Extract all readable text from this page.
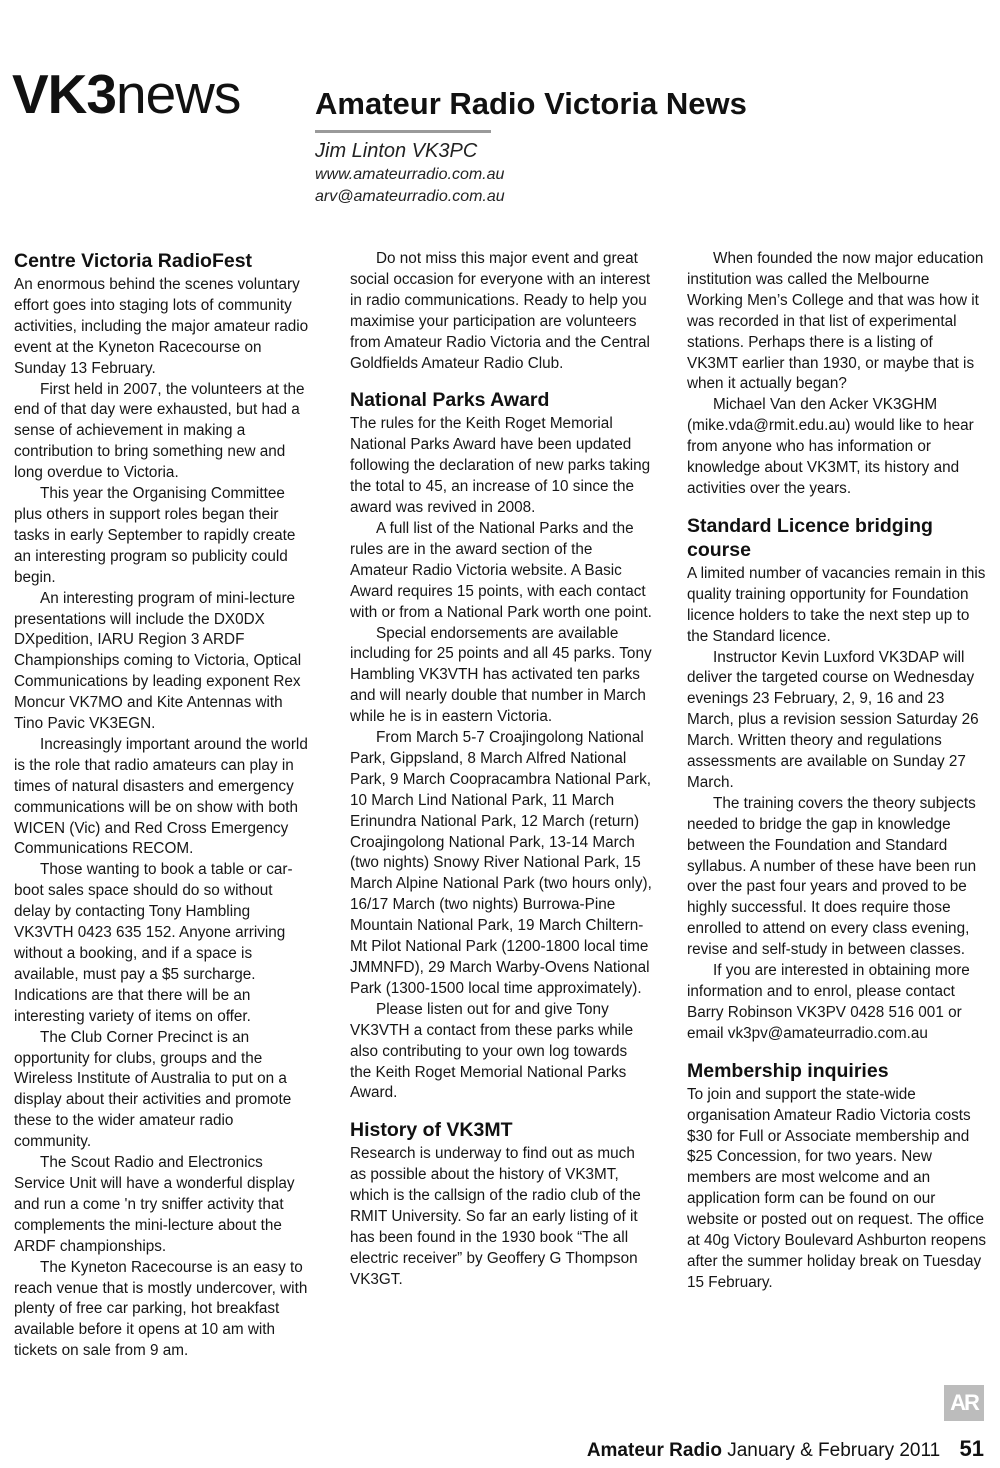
VK3news Amateur Radio Victoria News
Jim Linton VK3PC
www.amateurradio.com.au
arv@amateurradio.com.au
Centre Victoria RadioFest

An enormous behind the scenes voluntary effort goes into staging lots of community activities, including the major amateur radio event at the Kyneton Racecourse on Sunday 13 February.

First held in 2007, the volunteers at the end of that day were exhausted, but had a sense of achievement in making a contribution to bring something new and long overdue to Victoria.

This year the Organising Committee plus others in support roles began their tasks in early September to rapidly create an interesting program so publicity could begin.

An interesting program of mini-lecture presentations will include the DX0DX DXpedition, IARU Region 3 ARDF Championships coming to Victoria, Optical Communications by leading exponent Rex Moncur VK7MO and Kite Antennas with Tino Pavic VK3EGN.

Increasingly important around the world is the role that radio amateurs can play in times of natural disasters and emergency communications will be on show with both WICEN (Vic) and Red Cross Emergency Communications RECOM.

Those wanting to book a table or car-boot sales space should do so without delay by contacting Tony Hambling VK3VTH 0423 635 152. Anyone arriving without a booking, and if a space is available, must pay a $5 surcharge. Indications are that there will be an interesting variety of items on offer.

The Club Corner Precinct is an opportunity for clubs, groups and the Wireless Institute of Australia to put on a display about their activities and promote these to the wider amateur radio community.

The Scout Radio and Electronics Service Unit will have a wonderful display and run a come 'n try sniffer activity that complements the mini-lecture about the ARDF championships.

The Kyneton Racecourse is an easy to reach venue that is mostly undercover, with plenty of free car parking, hot breakfast available before it opens at 10 am with tickets on sale from 9 am.

Do not miss this major event and great social occasion for everyone with an interest in radio communications. Ready to help you maximise your participation are volunteers from Amateur Radio Victoria and the Central Goldfields Amateur Radio Club.

National Parks Award

The rules for the Keith Roget Memorial National Parks Award have been updated following the declaration of new parks taking the total to 45, an increase of 10 since the award was revived in 2008.

A full list of the National Parks and the rules are in the award section of the Amateur Radio Victoria website. A Basic Award requires 15 points, with each contact with or from a National Park worth one point.

Special endorsements are available including for 25 points and all 45 parks. Tony Hambling VK3VTH has activated ten parks and will nearly double that number in March while he is in eastern Victoria.

From March 5-7 Croajingolong National Park, Gippsland, 8 March Alfred National Park, 9 March Coopracambra National Park, 10 March Lind National Park, 11 March Erinundra National Park, 12 March (return) Croajingolong National Park, 13-14 March (two nights) Snowy River National Park, 15 March Alpine National Park (two hours only), 16/17 March (two nights) Burrowa-Pine Mountain National Park, 19 March Chiltern-Mt Pilot National Park (1200-1800 local time JMMNFD), 29 March Warby-Ovens National Park (1300-1500 local time approximately).

Please listen out for and give Tony VK3VTH a contact from these parks while also contributing to your own log towards the Keith Roget Memorial National Parks Award.

History of VK3MT

Research is underway to find out as much as possible about the history of VK3MT, which is the callsign of the radio club of the RMIT University. So far an early listing of it has been found in the 1930 book “The all electric receiver” by Geoffery G Thompson VK3GT.

When founded the now major education institution was called the Melbourne Working Men’s College and that was how it was recorded in that list of experimental stations. Perhaps there is a listing of VK3MT earlier than 1930, or maybe that is when it actually began?

Michael Van den Acker VK3GHM (mike.vda@rmit.edu.au) would like to hear from anyone who has information or knowledge about VK3MT, its history and activities over the years.

Standard Licence bridging course

A limited number of vacancies remain in this quality training opportunity for Foundation licence holders to take the next step up to the Standard licence.

Instructor Kevin Luxford VK3DAP will deliver the targeted course on Wednesday evenings 23 February, 2, 9, 16 and 23 March, plus a revision session Saturday 26 March. Written theory and regulations assessments are available on Sunday 27 March.

The training covers the theory subjects needed to bridge the gap in knowledge between the Foundation and Standard syllabus. A number of these have been run over the past four years and proved to be highly successful. It does require those enrolled to attend on every class evening, revise and self-study in between classes.

If you are interested in obtaining more information and to enrol, please contact Barry Robinson VK3PV 0428 516 001 or email vk3pv@amateurradio.com.au

Membership inquiries

To join and support the state-wide organisation Amateur Radio Victoria costs $30 for Full or Associate membership and $25 Concession, for two years. New members are most welcome and an application form can be found on our website or posted out on request. The office at 40g Victory Boulevard Ashburton reopens after the summer holiday break on Tuesday 15 February.

AR
Amateur Radio January & February 2011 51
